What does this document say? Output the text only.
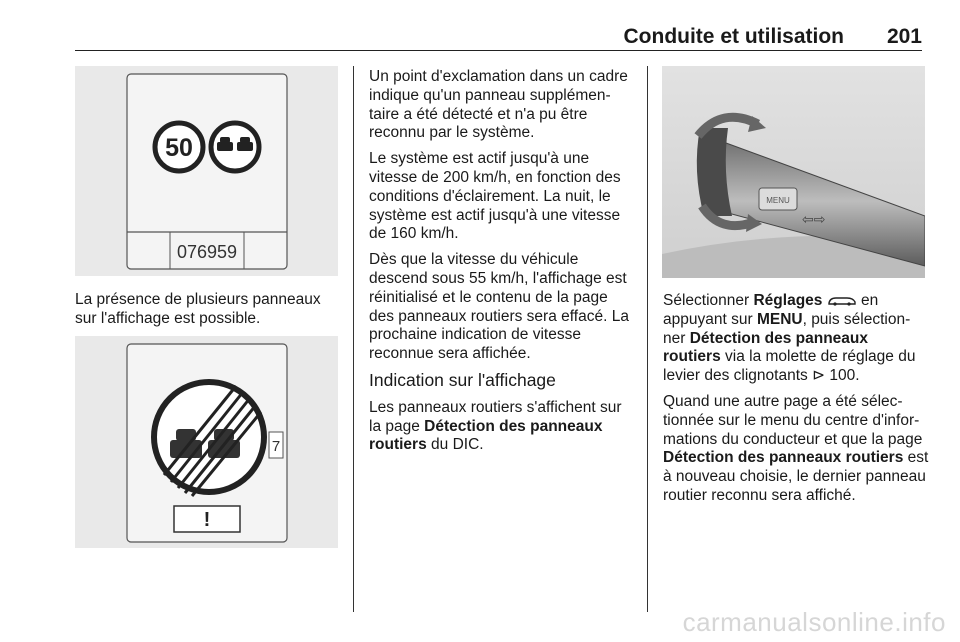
Conduite et utilisation 201
50
076959
La présence de plusieurs panneaux sur l'affichage est possible.
7
!

Un point d'exclamation dans un cadre indique qu'un panneau supplémen- taire a été détecté et n'a pu être reconnu par le système.

Le système est actif jusqu'à une vitesse de 200 km/h, en fonction des conditions d'éclairement. La nuit, le système est actif jusqu'à une vitesse de 160 km/h.

Dès que la vitesse du véhicule descend sous 55 km/h, l'affichage est réinitialisé et le contenu de la page des panneaux routiers sera effacé. La prochaine indication de vitesse reconnue sera affichée.

Indication sur l'affichage

Les panneaux routiers s'affichent sur la page Détection des panneaux routiers du DIC.

MENU
⇦⇨

Sélectionner Réglages  en appuyant sur MENU, puis sélection- ner Détection des panneaux routiers via la molette de réglage du levier des clignotants ⊳ 100.

Quand une autre page a été sélec- tionnée sur le menu du centre d'infor- mations du conducteur et que la page Détection des panneaux routiers est à nouveau choisie, le dernier panneau routier reconnu sera affiché.

carmanualsonline.info
